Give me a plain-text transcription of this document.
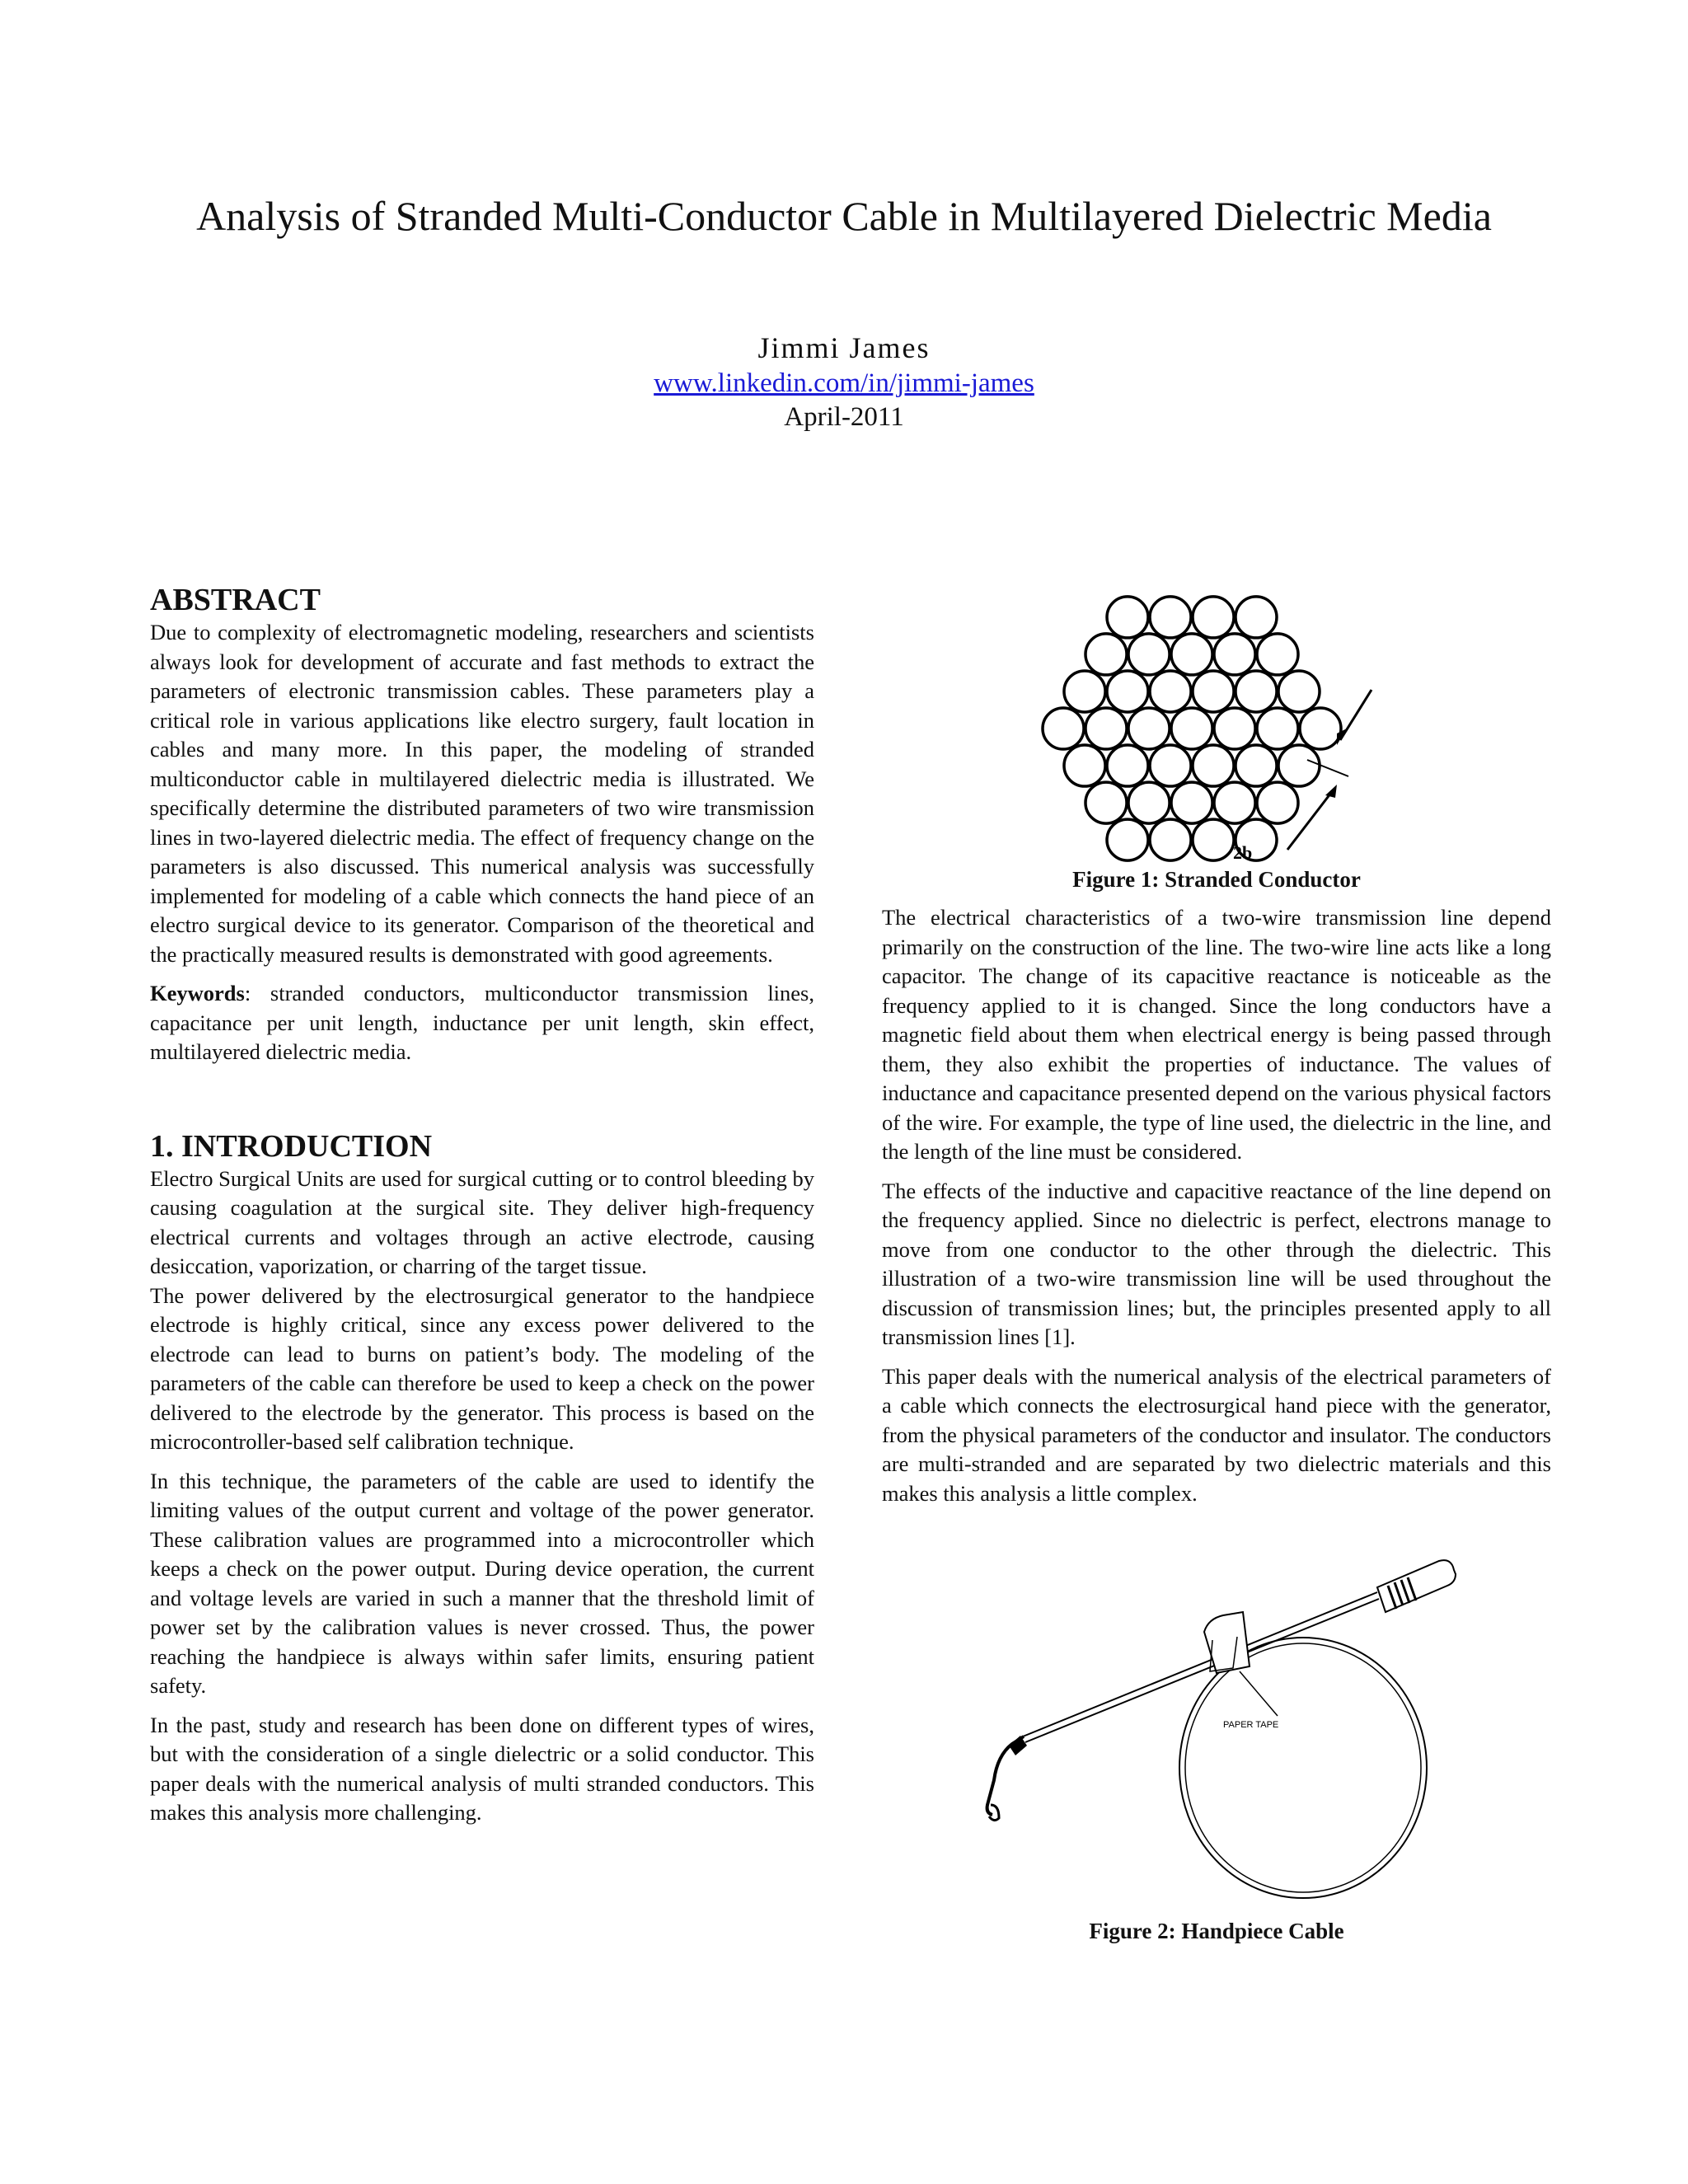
Analysis of Stranded Multi-Conductor Cable in Multilayered Dielectric Media
Jimmi James
www.linkedin.com/in/jimmi-james
April-2011
ABSTRACT

Due to complexity of electromagnetic modeling, researchers and scientists always look for development of accurate and fast methods to extract the parameters of electronic transmission cables. These parameters play a critical role in various applications like electro surgery, fault location in cables and many more. In this paper, the modeling of stranded multiconductor cable in multilayered dielectric media is illustrated. We specifically determine the distributed parameters of two wire transmission lines in two-layered dielectric media. The effect of frequency change on the parameters is also discussed. This numerical analysis was successfully implemented for modeling of a cable which connects the hand piece of an electro surgical device to its generator. Comparison of the theoretical and the practically measured results is demonstrated with good agreements.

Keywords: stranded conductors, multiconductor transmission lines, capacitance per unit length, inductance per unit length, skin effect, multilayered dielectric media.

1. INTRODUCTION

Electro Surgical Units are used for surgical cutting or to control bleeding by causing coagulation at the surgical site. They deliver high-frequency electrical currents and voltages through an active electrode, causing desiccation, vaporization, or charring of the target tissue.

The power delivered by the electrosurgical generator to the handpiece electrode is highly critical, since any excess power delivered to the electrode can lead to burns on patient’s body. The modeling of the parameters of the cable can therefore be used to keep a check on the power delivered to the electrode by the generator. This process is based on the microcontroller-based self calibration technique.

In this technique, the parameters of the cable are used to identify the limiting values of the output current and voltage of the power generator. These calibration values are programmed into a microcontroller which keeps a check on the power output. During device operation, the current and voltage levels are varied in such a manner that the threshold limit of power set by the calibration values is never crossed. Thus, the power reaching the handpiece is always within safer limits, ensuring patient safety.

In the past, study and research has been done on different types of wires, but with the consideration of a single dielectric or a solid conductor. This paper deals with the numerical analysis of multi stranded conductors. This makes this analysis more challenging.

2b
Figure 1: Stranded Conductor

The electrical characteristics of a two-wire transmission line depend primarily on the construction of the line. The two-wire line acts like a long capacitor. The change of its capacitive reactance is noticeable as the frequency applied to it is changed. Since the long conductors have a magnetic field about them when electrical energy is being passed through them, they also exhibit the properties of inductance. The values of inductance and capacitance presented depend on the various physical factors of the wire. For example, the type of line used, the dielectric in the line, and the length of the line must be considered.

The effects of the inductive and capacitive reactance of the line depend on the frequency applied. Since no dielectric is perfect, electrons manage to move from one conductor to the other through the dielectric. This illustration of a two-wire transmission line will be used throughout the discussion of transmission lines; but, the principles presented apply to all transmission lines [1].

This paper deals with the numerical analysis of the electrical parameters of a cable which connects the electrosurgical hand piece with the generator, from the physical parameters of the conductor and insulator. The conductors are multi-stranded and are separated by two dielectric materials and this makes this analysis a little complex.

PAPER TAPE
Figure 2: Handpiece Cable
